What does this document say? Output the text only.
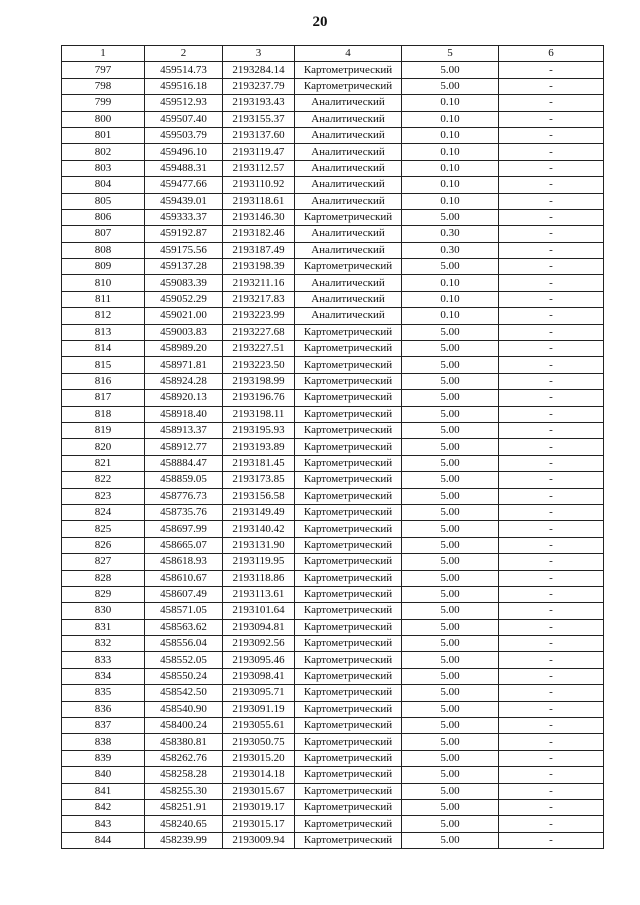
20
1	2	3	4	5	6
797	459514.73	2193284.14	Картометрический	5.00	-
798	459516.18	2193237.79	Картометрический	5.00	-
799	459512.93	2193193.43	Аналитический	0.10	-
800	459507.40	2193155.37	Аналитический	0.10	-
801	459503.79	2193137.60	Аналитический	0.10	-
802	459496.10	2193119.47	Аналитический	0.10	-
803	459488.31	2193112.57	Аналитический	0.10	-
804	459477.66	2193110.92	Аналитический	0.10	-
805	459439.01	2193118.61	Аналитический	0.10	-
806	459333.37	2193146.30	Картометрический	5.00	-
807	459192.87	2193182.46	Аналитический	0.30	-
808	459175.56	2193187.49	Аналитический	0.30	-
809	459137.28	2193198.39	Картометрический	5.00	-
810	459083.39	2193211.16	Аналитический	0.10	-
811	459052.29	2193217.83	Аналитический	0.10	-
812	459021.00	2193223.99	Аналитический	0.10	-
813	459003.83	2193227.68	Картометрический	5.00	-
814	458989.20	2193227.51	Картометрический	5.00	-
815	458971.81	2193223.50	Картометрический	5.00	-
816	458924.28	2193198.99	Картометрический	5.00	-
817	458920.13	2193196.76	Картометрический	5.00	-
818	458918.40	2193198.11	Картометрический	5.00	-
819	458913.37	2193195.93	Картометрический	5.00	-
820	458912.77	2193193.89	Картометрический	5.00	-
821	458884.47	2193181.45	Картометрический	5.00	-
822	458859.05	2193173.85	Картометрический	5.00	-
823	458776.73	2193156.58	Картометрический	5.00	-
824	458735.76	2193149.49	Картометрический	5.00	-
825	458697.99	2193140.42	Картометрический	5.00	-
826	458665.07	2193131.90	Картометрический	5.00	-
827	458618.93	2193119.95	Картометрический	5.00	-
828	458610.67	2193118.86	Картометрический	5.00	-
829	458607.49	2193113.61	Картометрический	5.00	-
830	458571.05	2193101.64	Картометрический	5.00	-
831	458563.62	2193094.81	Картометрический	5.00	-
832	458556.04	2193092.56	Картометрический	5.00	-
833	458552.05	2193095.46	Картометрический	5.00	-
834	458550.24	2193098.41	Картометрический	5.00	-
835	458542.50	2193095.71	Картометрический	5.00	-
836	458540.90	2193091.19	Картометрический	5.00	-
837	458400.24	2193055.61	Картометрический	5.00	-
838	458380.81	2193050.75	Картометрический	5.00	-
839	458262.76	2193015.20	Картометрический	5.00	-
840	458258.28	2193014.18	Картометрический	5.00	-
841	458255.30	2193015.67	Картометрический	5.00	-
842	458251.91	2193019.17	Картометрический	5.00	-
843	458240.65	2193015.17	Картометрический	5.00	-
844	458239.99	2193009.94	Картометрический	5.00	-
